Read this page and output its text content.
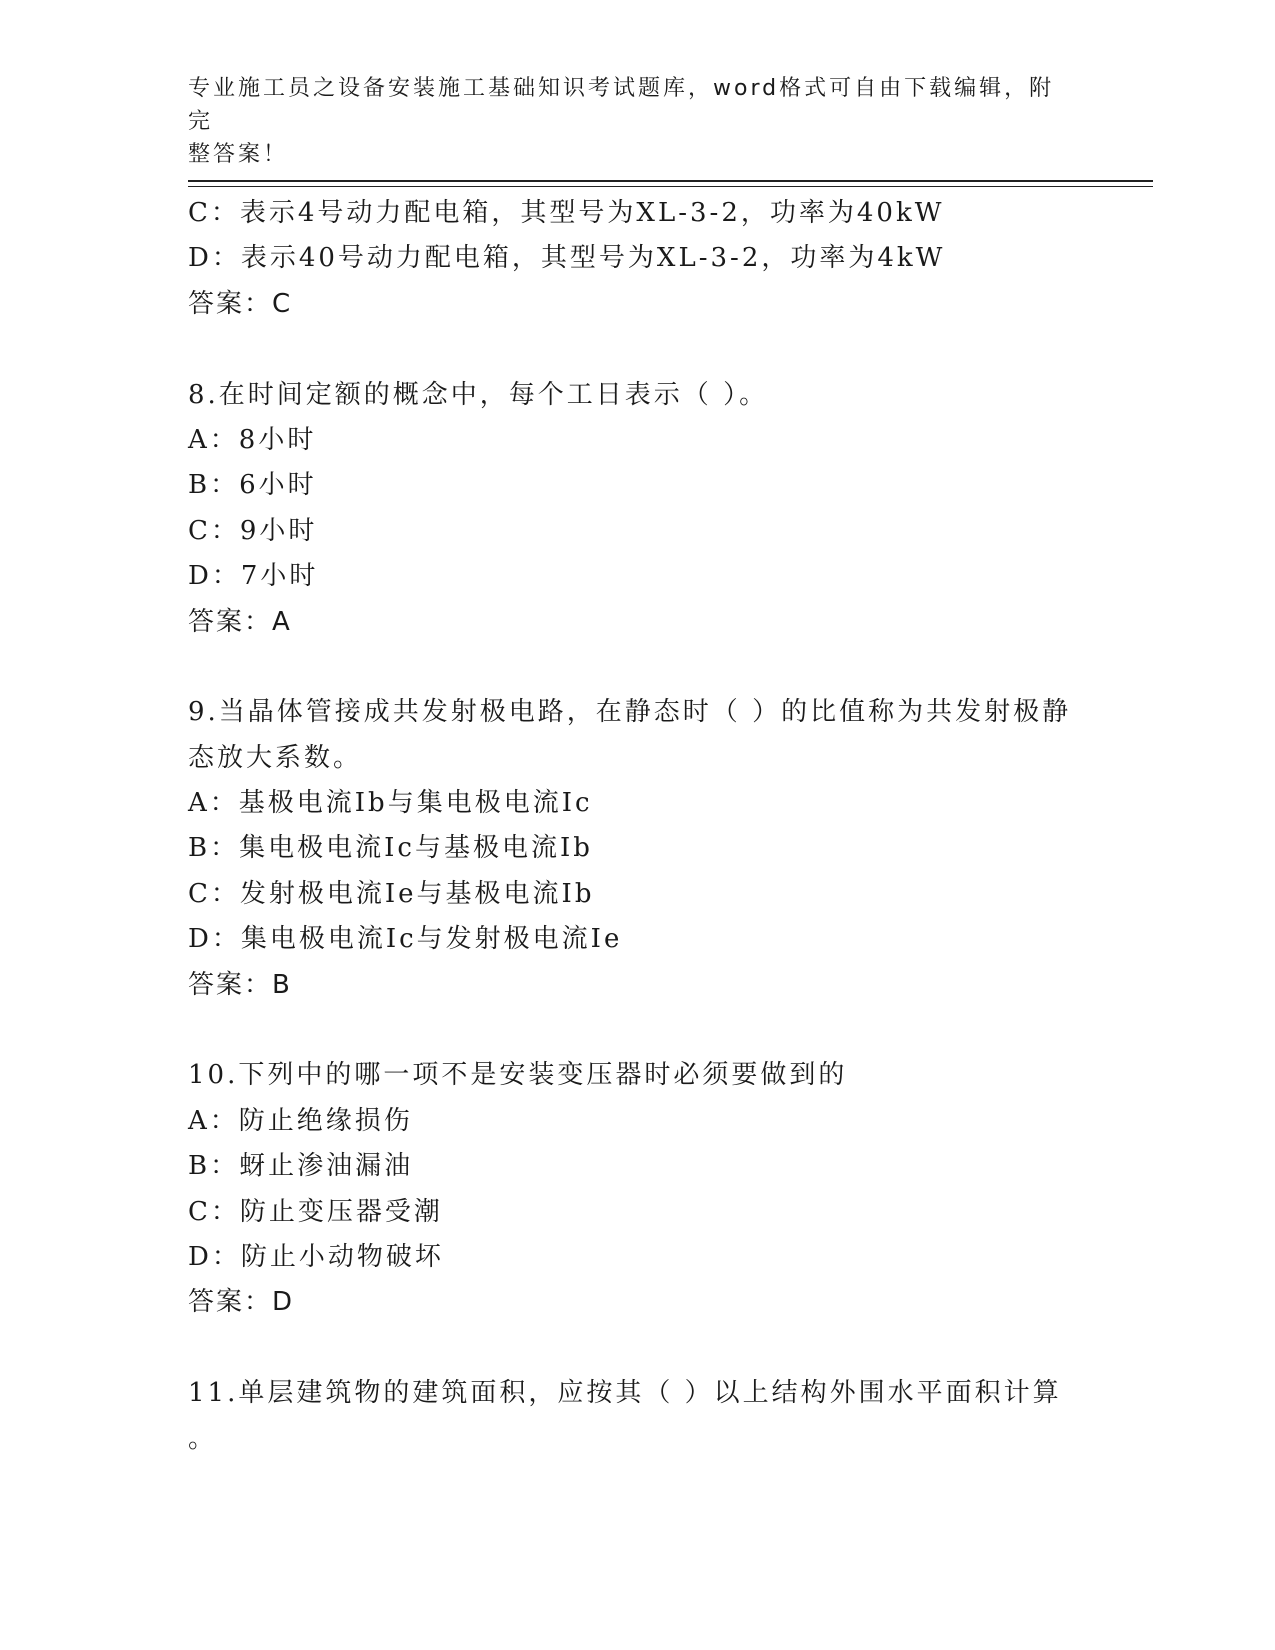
专业施工员之设备安装施工基础知识考试题库，word格式可自由下载编辑，附完
整答案！
C：表示4号动力配电箱，其型号为XL-3-2，功率为40kW
D：表示40号动力配电箱，其型号为XL-3-2，功率为4kW
答案：C
8.在时间定额的概念中，每个工日表示（ ）。
A：8小时
B：6小时
C：9小时
D：7小时
答案：A
9.当晶体管接成共发射极电路，在静态时（ ）的比值称为共发射极静
态放大系数。
A：基极电流Ib与集电极电流Ic
B：集电极电流Ic与基极电流Ib
C：发射极电流Ie与基极电流Ib
D：集电极电流Ic与发射极电流Ie
答案：B
10.下列中的哪一项不是安装变压器时必须要做到的
A：防止绝缘损伤
B：蚜止渗油漏油
C：防止变压器受潮
D：防止小动物破坏
答案：D
11.单层建筑物的建筑面积，应按其（ ）以上结构外围水平面积计算
。
